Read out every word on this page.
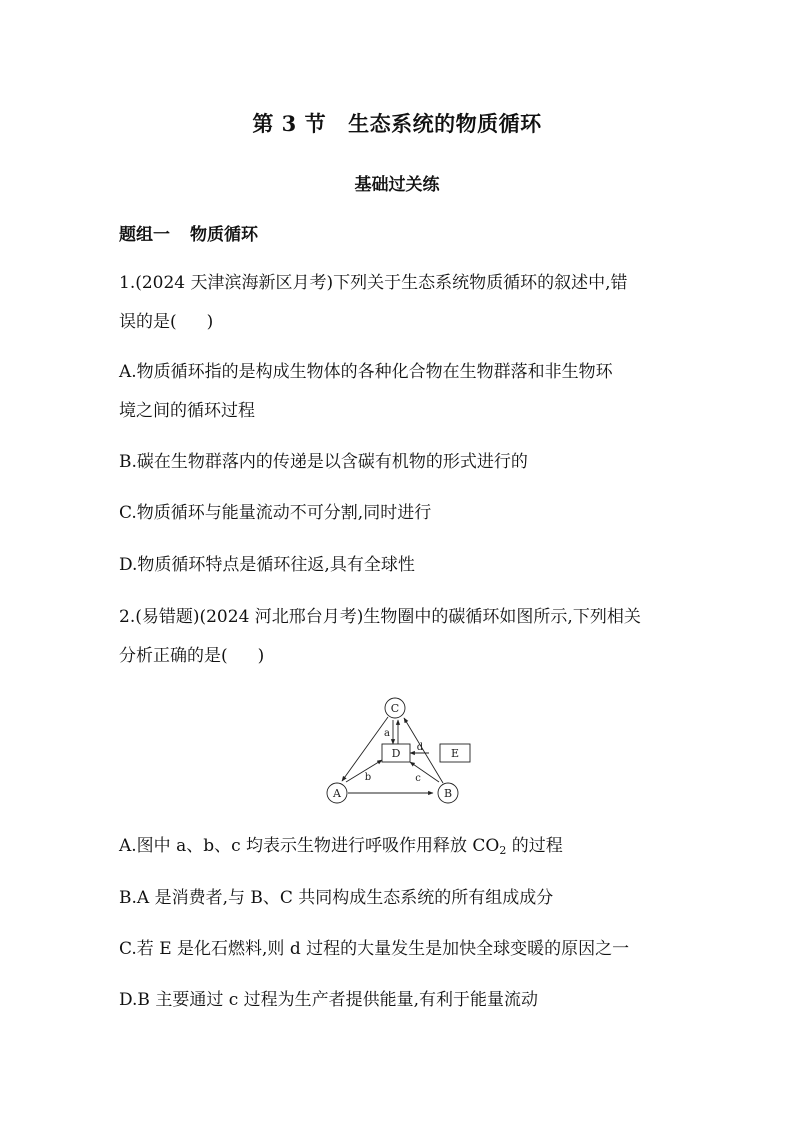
第 3 节 生态系统的物质循环
基础过关练
题组一 物质循环
1.(2024 天津滨海新区月考)下列关于生态系统物质循环的叙述中,错
误的是( )
A.物质循环指的是构成生物体的各种化合物在生物群落和非生物环
境之间的循环过程
B.碳在生物群落内的传递是以含碳有机物的形式进行的
C.物质循环与能量流动不可分割,同时进行
D.物质循环特点是循环往返,具有全球性
2.(易错题)(2024 河北邢台月考)生物圈中的碳循环如图所示,下列相关
分析正确的是( )
C
A	B
D	E
a
b	c
d
A.图中 a、b、c 均表示生物进行呼吸作用释放 $CO_2$ 的过程
B.A 是消费者,与 B、C 共同构成生态系统的所有组成成分
C.若 E 是化石燃料,则 d 过程的大量发生是加快全球变暖的原因之一
D.B 主要通过 c 过程为生产者提供能量,有利于能量流动
